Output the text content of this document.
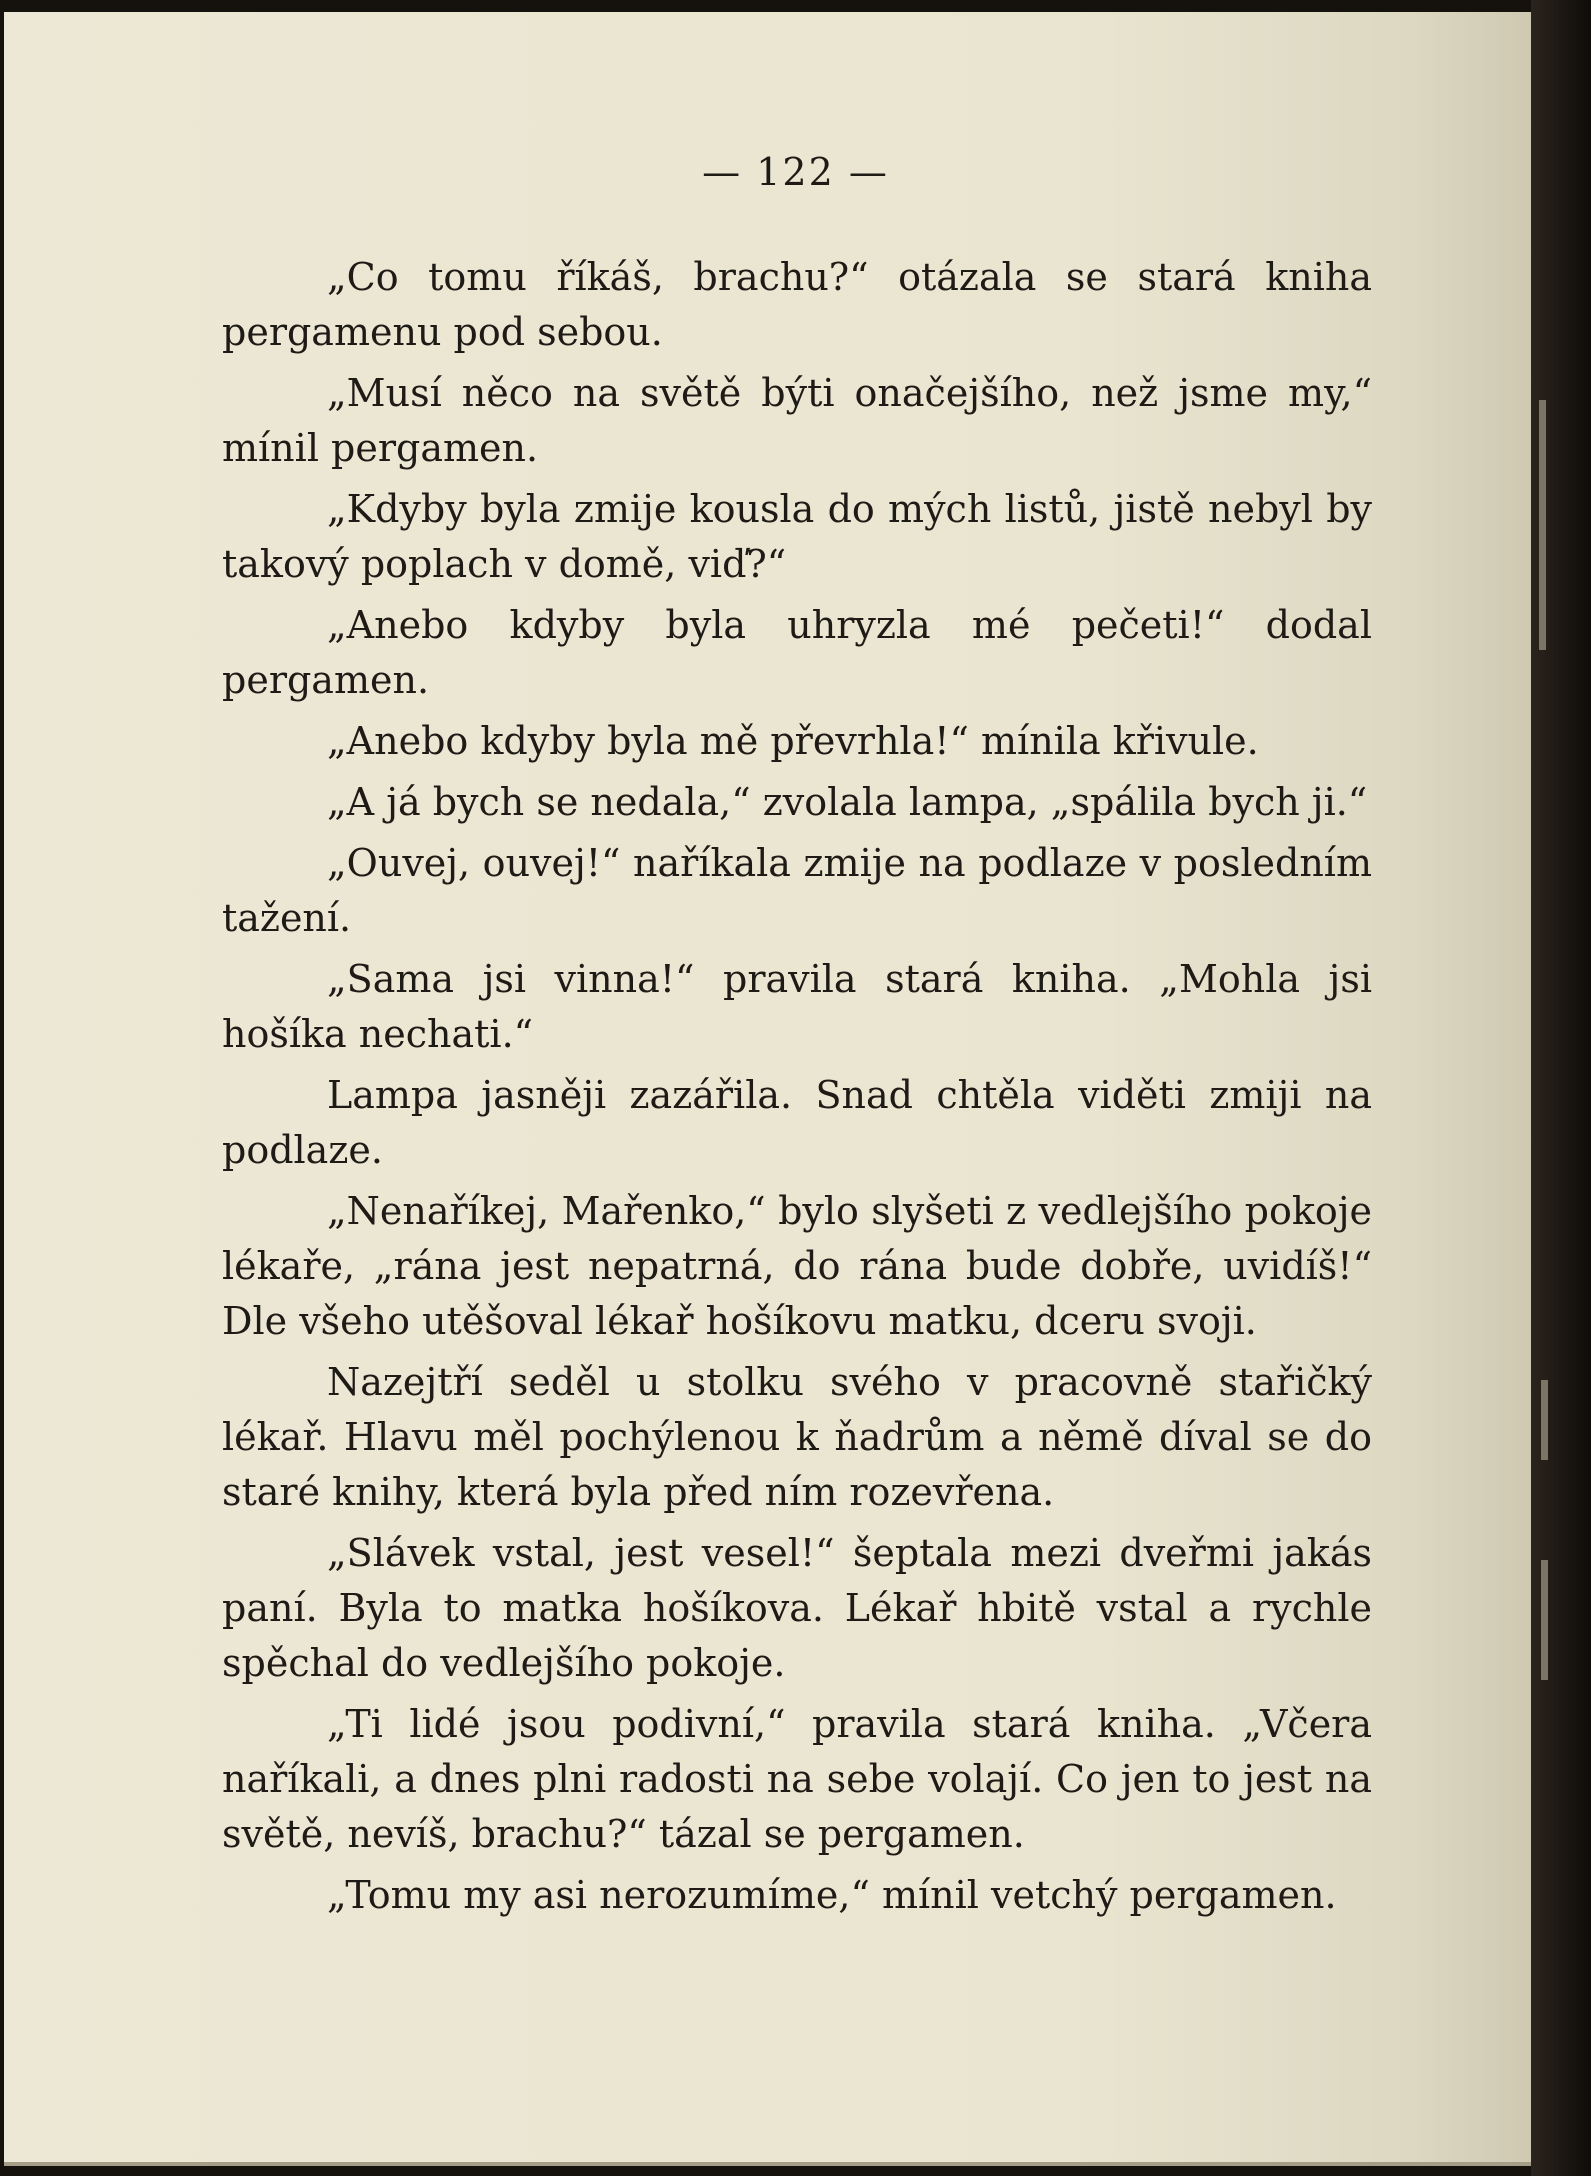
— 122 —

„Co tomu říkáš, brachu?“ otázala se stará kniha pergamenu pod sebou.

„Musí něco na světě býti onačejšího, než jsme my,“ mínil pergamen.

„Kdyby byla zmije kousla do mých listů, jistě nebyl by takový poplach v domě, viď?“

„Anebo kdyby byla uhryzla mé pečeti!“ dodal pergamen.

„Anebo kdyby byla mě převrhla!“ mínila křivule.

„A já bych se nedala,“ zvolala lampa, „spálila bych ji.“

„Ouvej, ouvej!“ naříkala zmije na podlaze v posledním tažení.

„Sama jsi vinna!“ pravila stará kniha. „Mohla jsi hošíka nechati.“

Lampa jasněji zazářila. Snad chtěla viděti zmiji na podlaze.

„Nenaříkej, Mařenko,“ bylo slyšeti z vedlejšího pokoje lékaře, „rána jest nepatrná, do rána bude dobře, uvidíš!“ Dle všeho utěšoval lékař hošíkovu matku, dceru svoji.

Nazejtří seděl u stolku svého v pracovně stařičký lékař. Hlavu měl pochýlenou k ňadrům a němě díval se do staré knihy, která byla před ním rozevřena.

„Slávek vstal, jest vesel!“ šeptala mezi dveřmi jakás paní. Byla to matka hošíkova. Lékař hbitě vstal a rychle spěchal do vedlejšího pokoje.

„Ti lidé jsou podivní,“ pravila stará kniha. „Včera naříkali, a dnes plni radosti na sebe volají. Co jen to jest na světě, nevíš, brachu?“ tázal se pergamen.

„Tomu my asi nerozumíme,“ mínil vetchý pergamen.
